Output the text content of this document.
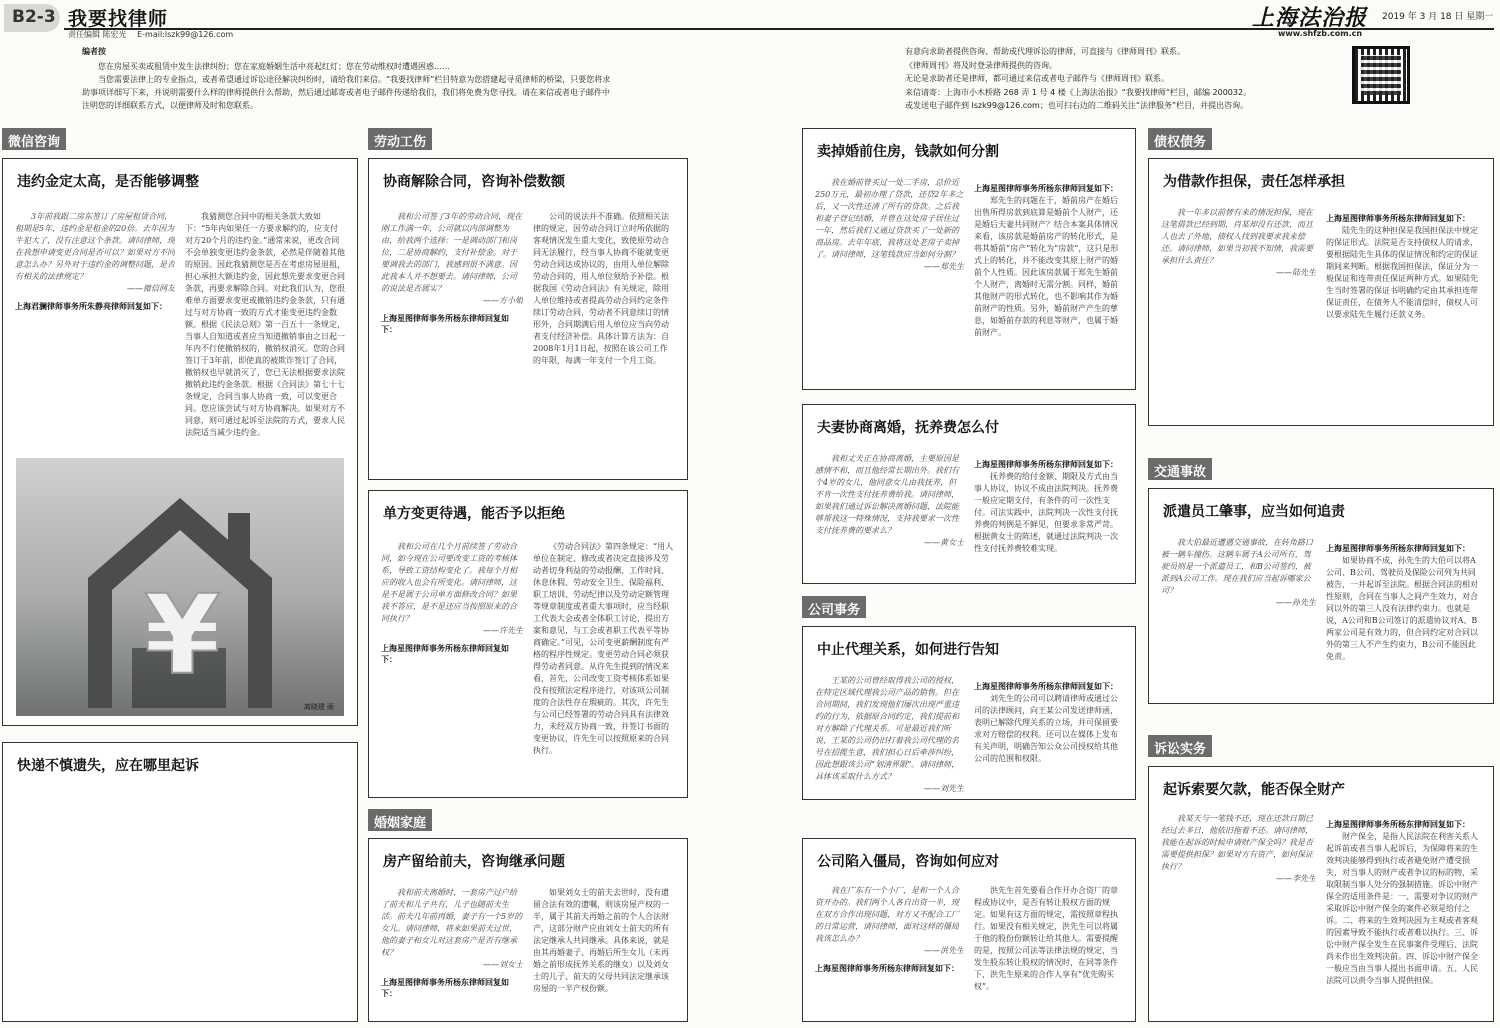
B2-3 我要找律师
责任编辑 陈宏光 E-mail:lszk99@126.com
上海法治报 2019 年 3 月 18 日 星期一
www.shfzb.com.cn
编者按

您在房屋买卖或租赁中发生法律纠纷；您在家庭婚姻生活中亮起红灯；您在劳动维权时遭遇困惑……

当您需要法律上的专业指点，或者希望通过诉讼途径解决纠纷时，请给我们来信。“我要找律师”栏目特意为您搭建起寻觅律师的桥梁，只要您将求助事项详细写下来，并说明需要什么样的律师提供什么帮助，然后通过邮寄或者电子邮件传递给我们，我们将免费为您寻找。请在来信或者电子邮件中注明您的详细联系方式，以便律师及时和您联系。

有意向求助者提供咨询、帮助或代理诉讼的律师，可直接与《律师周刊》联系。
《律师周刊》将及时登录律师提供的咨询。
无论是求助者还是律师，都可通过来信或者电子邮件与《律师周刊》联系。
来信请寄：上海市小木桥路 268 弄 1 号 4 楼《上海法治报》“我要找律师”栏目，邮编 200032。
或发送电子邮件到 lszk99@126.com；也可扫右边的二维码关注“法律服务”栏目，并提出咨询。
微信咨询	劳动工伤
婚姻家庭
公司事务
债权债务
交通事故
诉讼实务
违约金定太高，是否能够调整

3年前我跟二房东签订了房屋租赁合同，租期是5年，违约金是租金的20倍。去年因为牛犯大了，没有注意这个条款。请问律师，现在我想申请变更合同是否可以？如果对方不同意怎么办？另外对于违约金的调整问题，是否有相关的法律规定？

——微信网友
上海君澜律师事务所朱静亮律师回复如下：

我猜测您合同中的相关条款大致如下：“5年内如果任一方要求解约的，应支付对方20个月的违约金。”通常来说，更改合同不会单独变更违约金条款，必然是伴随着其他的原因。因此我猜测您是否在考虑房屋退租，担心承担大额违约金，因此想先要求变更合同条款，再要求解除合同。对此我们认为，您很难单方面要求变更或撤销违约金条款，只有通过与对方协商一致的方式才能变更违约金数额。根据《民法总则》第一百五十一条规定，当事人自知道或者应当知道撤销事由之日起一年内不行使撤销权的，撤销权消灭。您的合同签订于3年前，即使真的被欺诈签订了合同，撤销权也早就消灭了，您已无法根据要求法院撤销此违约金条款。根据《合同法》第七十七条规定，合同当事人协商一致，可以变更合同。您应该尝试与对方协商解决。如果对方不同意，则可通过起诉至法院的方式，要求人民法院适当减少违约金。

¥
离晓建 画
协商解除合同，咨询补偿数额

我和公司签了3年的劳动合同，现在刚工作满一年，公司就以内部调整为由，给我两个选择：一是调动部门和岗位，二是协商解约，支付补偿金。对于要调我去的部门，我感到很不满意。因此我本人并不想要去。请问律师，公司的说法是否属实？

——方小姐
上海星图律师事务所杨东律师回复如下：

公司的说法并不准确。依照相关法律的规定，因劳动合同订立时所依据的客观情况发生重大变化，致使原劳动合同无法履行，经当事人协商不能就变更劳动合同达成协议的，由用人单位解除劳动合同的，用人单位须给予补偿。根据我国《劳动合同法》有关规定，除用人单位维持或者提高劳动合同约定条件续订劳动合同，劳动者不同意续订的情形外，合同期满后用人单位应当向劳动者支付经济补偿。具体计算方法为：自2008年1月1日起，按照在该公司工作的年限，每满一年支付一个月工资。

单方变更待遇，能否予以拒绝

我和公司在几个月前续签了劳动合同，如今现在公司要改变工资的考核体系，导致工资结构变化了。我每个月相应的收入也会有所变化。请问律师，这是不是属于公司单方面修改合同？如果我不答应，是不是还应当按照原来的合同执行？

——许先生
上海星图律师事务所杨东律师回复如下：

《劳动合同法》第四条规定：“用人单位在制定、修改或者决定直接涉及劳动者切身利益的劳动报酬、工作时间、休息休假、劳动安全卫生、保险福利、职工培训、劳动纪律以及劳动定额管理等规章制度或者重大事项时，应当经职工代表大会或者全体职工讨论，提出方案和意见，与工会或者职工代表平等协商确定。”可见，公司变更薪酬制度有严格的程序性规定。变更劳动合同必须获得劳动者同意。从许先生提到的情况来看，首先，公司改变工资考核体系如果没有按照法定程序进行，对该项公司制度的合法性存在瑕疵的。其次，许先生与公司已经签署的劳动合同具有法律效力，未经双方协商一致，并签订书面的变更协议，许先生可以按照原来的合同执行。

房产留给前夫，咨询继承问题

我和前夫离婚时，一套房产过户给了前夫和儿子共有，儿子也随前夫生活。前夫几年前再婚，妻子有一个5岁的女儿。请问律师，将来如果前夫过世，他的妻子和女儿对这套房产是否有继承权？

——刘女士
上海星图律师事务所杨东律师回复如下：

如果刘女士的前夫去世时，没有遗留合法有效的遗嘱，则该房屋产权的一半，属于其前夫再婚之前的个人合法财产，这部分财产应由刘女士前夫的所有法定继承人共同继承。具体来说，就是由其再婚妻子、再婚后所生女儿（未再婚之前形成抚养关系的继女）以及刘女士的儿子、前夫的父母共同法定继承该房屋的一半产权份额。

卖掉婚前住房，钱款如何分割

我在婚前曾买过一处二手房，总价近250万元，最初办理了贷款，还贷2年多之后，又一次性还清了所有的贷款。之后我和妻子登记结婚，并曾在这处房子居住过一年，然后我们又通过贷款买了一处新的商品房。去年年底，我将这处老房子卖掉了。请问律师，这笔钱款应当如何分割？

——郑先生
上海星图律师事务所杨东律师回复如下：

郑先生的问题在于，婚前房产在婚后出售所得房款到底算是婚前个人财产，还是婚后夫妻共同财产？结合本案具体情况来看，该房款是婚前房产的转化形式，是将其婚前“房产”转化为“房款”，这只是形式上的转化，并不能改变其原上财产的婚前个人性质。因此该房款属于郑先生婚前个人财产，离婚时无需分割。同样，婚前其他财产的形式转化，也不影响其作为婚前财产的性质。另外，婚前财产产生的孳息，如婚前存款的利息等财产，也属于婚前财产。

夫妻协商离婚，抚养费怎么付

我和丈夫正在协商离婚，主要原因是感情不和，而且他经常长期出外。我们有个4岁的女儿，他同意女儿由我抚养，但不肯一次性支付抚养费给我。请问律师，如果我们通过诉讼解决离婚问题，法院能够帮我这一特殊情况，支持我要求一次性支付抚养费的要求么？

——黄女士
上海星图律师事务所杨东律师回复如下：

抚养费的给付金额、期限及方式由当事人协议，协议不成由法院判决。抚养费一般应定期支付，有条件的可一次性支付。司法实践中，法院判决一次性支付抚养费的判例是不鲜见，但要求非常严苛。根据黄女士的陈述，就通过法院判决一次性支付抚养费较难实现。

中止代理关系，如何进行告知

王某的公司曾经取得我公司的授权，在特定区域代理我公司产品的销售。但在合同期间，我们发现他们屡次出现严重违约的行为，依据原合同约定，我们提前和对方解除了代理关系。可是最近我们听说，王某的公司仍旧打着我公司代理的名号在招揽生意，我们担心日后牵涉纠纷，因此想跟该公司“划清界限”。请问律师，具体该采取什么方式？

——刘先生
上海星图律师事务所杨东律师回复如下：

刘先生的公司可以聘请律师或通过公司的法律顾问，向王某公司发送律师函，表明已解除代理关系的立场，并可保留要求对方赔偿的权利。还可以在媒体上发布有关声明，明确告知公众公司授权给其他公司的范围和权限。

公司陷入僵局，咨询如何应对

我在广东有一个小厂，是和一个人合资开办的。我们两个人各自出资一半，现在双方合作出现问题，对方又不配合工厂的日常运营，请问律师，面对这样的僵局我该怎么办？

——洪先生
上海星图律师事务所杨东律师回复如下：

洪先生首先要看合作开办合资厂的章程或协议中，是否有转让股权方面的规定。如果有这方面的规定，需按照章程执行。如果没有相关规定，洪先生可以将属于他的股份份额转让给其他人。需要提醒的是，按照公司法等法律法规的规定，当发生股东转让股权的情况时，在同等条件下，洪先生原来的合作人享有“优先购买权”。

为借款作担保，责任怎样承担

我一年多以前替有来的情况担保，现在这笔借款已经到期，肖某却没有还款，而且人也去了外地，债权人找到我要求我来偿还。请问律师，如果当初我不知情，我需要承担什么责任？

——陆先生
上海星图律师事务所杨东律师回复如下：

陆先生的这种担保是我国担保法中规定的保证形式。法院是否支持债权人的请求，要根据陆先生具体的保证情况和约定的保证期间来判断。根据我国担保法，保证分为一般保证和连带责任保证两种方式。如果陆先生当时签署的保证书明确约定由其承担连带保证责任，在债务人不能清偿时，债权人可以要求陆先生履行还款义务。

派遣员工肇事，应当如何追责

我大伯最近遭遇交通事故，在转角路口被一辆车撞伤。这辆车属于A公司所有，驾驶员则是一个派遣员工，和B公司签约，被派到A公司工作。现在我们应当起诉哪家公司？

——孙先生
上海星图律师事务所杨东律师回复如下：

如果协商不成，孙先生的大伯可以将A公司、B公司、驾驶员及保险公司列为共同被告，一并起诉至法院。根据合同法的相对性原则，合同在当事人之间产生效力，对合同以外的第三人没有法律约束力。也就是说，A公司和B公司签订的派遣协议对A、B两家公司是有效力的，但合同约定对合同以外的第三人不产生约束力，B公司不能因此免责。

起诉索要欠款，能否保全财产

我某天与一笔钱不还，现在还款日期已经过去多日，他依旧拖着不还。请问律师，我能在起诉的时候申请财产保全吗？我是否需要提供担保？如果对方有资产，如何保证执行？

——李先生
上海星图律师事务所杨东律师回复如下：

财产保全，是指人民法院在利害关系人起诉前或者当事人起诉后，为保障将来的生效判决能够得到执行或者避免财产遭受损失，对当事人的财产或者争议的标的物，采取限制当事人处分的强制措施。诉讼中财产保全的适用条件是：一、需要对争议的财产采取诉讼中财产保全的案件必须是给付之诉。二、将来的生效判决因为主观或者客观的因素导致不能执行或者难以执行。三、诉讼中财产保全发生在民事案件受理后、法院尚未作出生效判决前。四、诉讼中财产保全一般应当由当事人提出书面申请。五、人民法院可以责令当事人提供担保。

快递不慎遗失，应在哪里起诉
